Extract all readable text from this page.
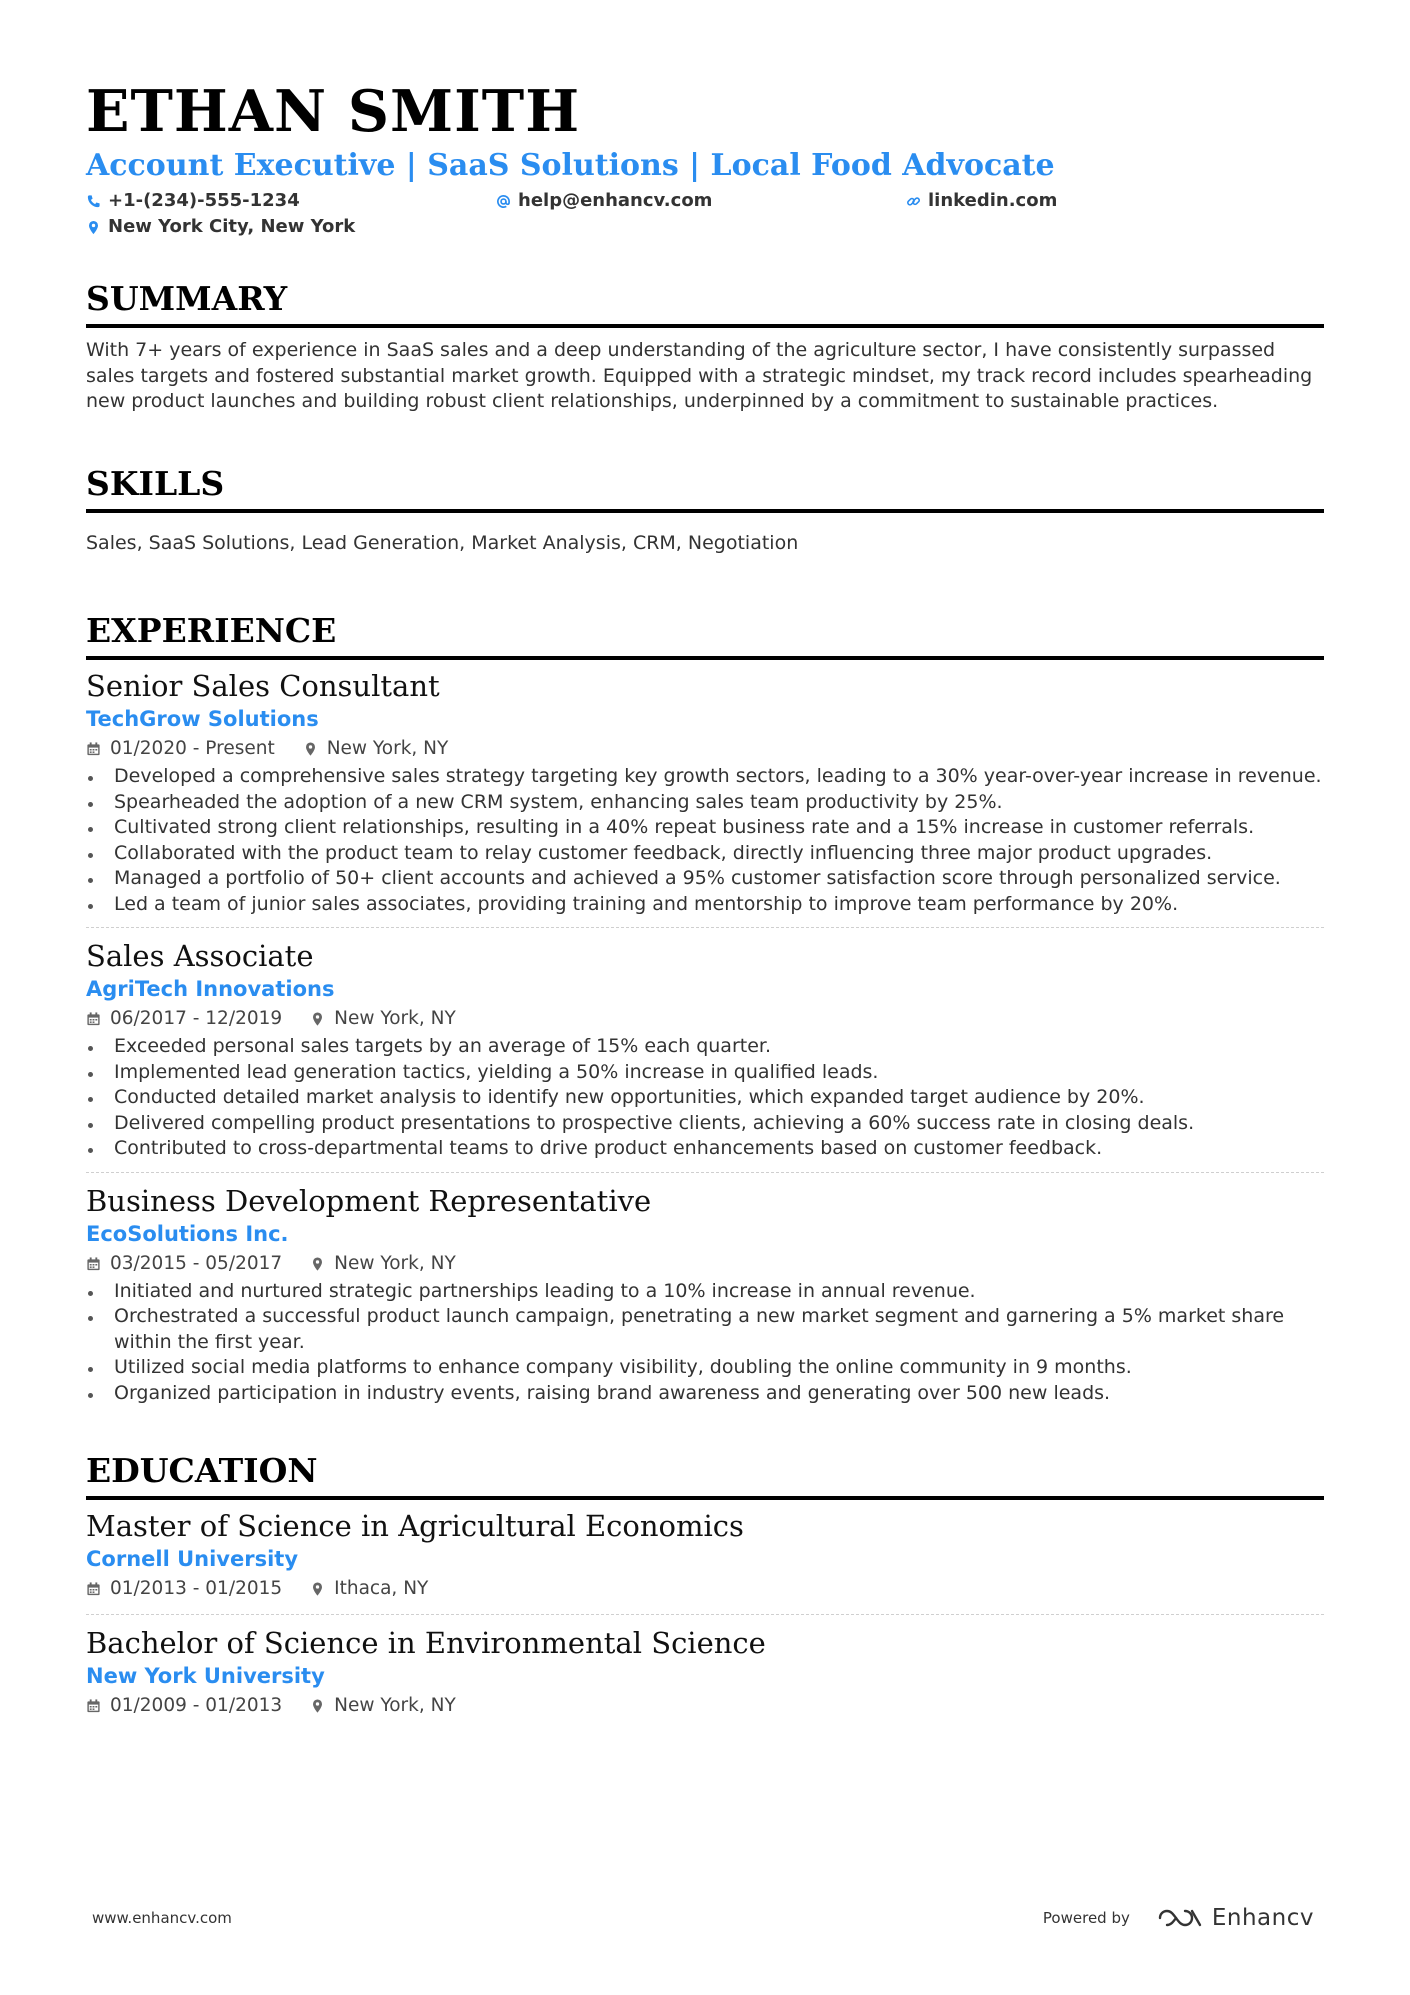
ETHAN SMITH
Account Executive | SaaS Solutions | Local Food Advocate
+1-(234)-555-1234	help@enhancv.com	linkedin.com
New York City, New York
SUMMARY
With 7+ years of experience in SaaS sales and a deep understanding of the agriculture sector, I have consistently surpassed sales targets and fostered substantial market growth. Equipped with a strategic mindset, my track record includes spearheading new product launches and building robust client relationships, underpinned by a commitment to sustainable practices.
SKILLS
Sales, SaaS Solutions, Lead Generation, Market Analysis, CRM, Negotiation
EXPERIENCE
Senior Sales Consultant
TechGrow Solutions
01/2020 - Present	New York, NY
Developed a comprehensive sales strategy targeting key growth sectors, leading to a 30% year-over-year increase in revenue.
Spearheaded the adoption of a new CRM system, enhancing sales team productivity by 25%.
Cultivated strong client relationships, resulting in a 40% repeat business rate and a 15% increase in customer referrals.
Collaborated with the product team to relay customer feedback, directly influencing three major product upgrades.
Managed a portfolio of 50+ client accounts and achieved a 95% customer satisfaction score through personalized service.
Led a team of junior sales associates, providing training and mentorship to improve team performance by 20%.
Sales Associate
AgriTech Innovations
06/2017 - 12/2019	New York, NY
Exceeded personal sales targets by an average of 15% each quarter.
Implemented lead generation tactics, yielding a 50% increase in qualified leads.
Conducted detailed market analysis to identify new opportunities, which expanded target audience by 20%.
Delivered compelling product presentations to prospective clients, achieving a 60% success rate in closing deals.
Contributed to cross-departmental teams to drive product enhancements based on customer feedback.
Business Development Representative
EcoSolutions Inc.
03/2015 - 05/2017	New York, NY
Initiated and nurtured strategic partnerships leading to a 10% increase in annual revenue.
Orchestrated a successful product launch campaign, penetrating a new market segment and garnering a 5% market share within the first year.
Utilized social media platforms to enhance company visibility, doubling the online community in 9 months.
Organized participation in industry events, raising brand awareness and generating over 500 new leads.
EDUCATION
Master of Science in Agricultural Economics
Cornell University
01/2013 - 01/2015	Ithaca, NY
Bachelor of Science in Environmental Science
New York University
01/2009 - 01/2013	New York, NY
www.enhancv.com	Powered by	Enhancv
